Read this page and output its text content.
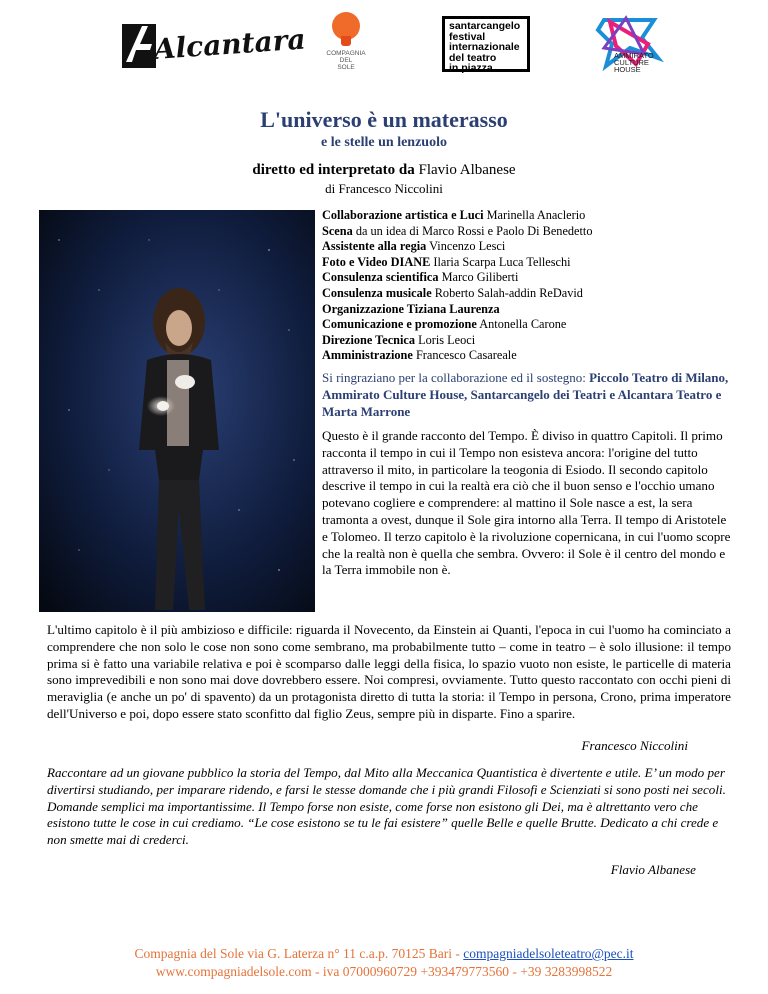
Alcantara	COMPAGNIA
DEL
SOLE
santarcangelo
festival
internazionale
del teatro
in piazza
AMMIRATO
CULTURE
HOUSE
L'universo è un materasso
e le stelle un lenzuolo
diretto ed interpretato da Flavio Albanese
di Francesco Niccolini
Collaborazione artistica e Luci Marinella Anaclerio
Scena da un idea di Marco Rossi e Paolo Di Benedetto
Assistente alla regia Vincenzo Lesci
Foto e Video DIANE Ilaria Scarpa Luca Telleschi
Consulenza scientifica Marco Giliberti
Consulenza musicale Roberto Salah-addin ReDavid
Organizzazione Tiziana Laurenza
Comunicazione e promozione Antonella Carone
Direzione Tecnica Loris Leoci
Amministrazione Francesco Casareale
Si ringraziano per la collaborazione ed il sostegno: Piccolo Teatro di Milano, Ammirato Culture House, Santarcangelo dei Teatri e Alcantara Teatro e Marta Marrone
Questo è il grande racconto del Tempo. È diviso in quattro Capitoli. Il primo racconta il tempo in cui il Tempo non esisteva ancora: l'origine del tutto attraverso il mito, in particolare la teogonia di Esiodo. Il secondo capitolo descrive il tempo in cui la realtà era ciò che il buon senso e l'occhio umano potevano cogliere e comprendere: al mattino il Sole nasce a est, la sera tramonta a ovest, dunque il Sole gira intorno alla Terra. Il tempo di Aristotele e Tolomeo. Il terzo capitolo è la rivoluzione copernicana, in cui l'uomo scopre che la realtà non è quella che sembra. Ovvero: il Sole è il centro del mondo e la Terra immobile non è.
L'ultimo capitolo è il più ambizioso e difficile: riguarda il Novecento, da Einstein ai Quanti, l'epoca in cui l'uomo ha cominciato a comprendere che non solo le cose non sono come sembrano, ma probabilmente tutto – come in teatro – è solo illusione: il tempo prima si è fatto una variabile relativa e poi è scomparso dalle leggi della fisica, lo spazio vuoto non esiste, le particelle di materia sono imprevedibili e non sono mai dove dovrebbero essere. Noi compresi, ovviamente. Tutto questo raccontato con occhi pieni di meraviglia (e anche un po' di spavento) da un protagonista diretto di tutta la storia: il Tempo in persona, Crono, prima imperatore dell'Universo e poi, dopo essere stato sconfitto dal figlio Zeus, sempre più in disparte. Fino a sparire.
Francesco Niccolini
Raccontare ad un giovane pubblico la storia del Tempo, dal Mito alla Meccanica Quantistica è divertente e utile. E’ un modo per divertirsi studiando, per imparare ridendo, e farsi le stesse domande che i più grandi Filosofi e Scienziati si sono posti nei secoli. Domande semplici ma importantissime. Il Tempo forse non esiste, come forse non esistono gli Dei, ma è altrettanto vero che esistono tutte le cose in cui crediamo. “Le cose esistono se tu le fai esistere” quelle Belle e quelle Brutte. Dedicato a chi crede e non smette mai di crederci.
Flavio Albanese
Compagnia del Sole via G. Laterza n° 11 c.a.p. 70125 Bari - compagniadelsoleteatro@pec.it
www.compagniadelsole.com - iva 07000960729 +393479773560 - +39 3283998522
